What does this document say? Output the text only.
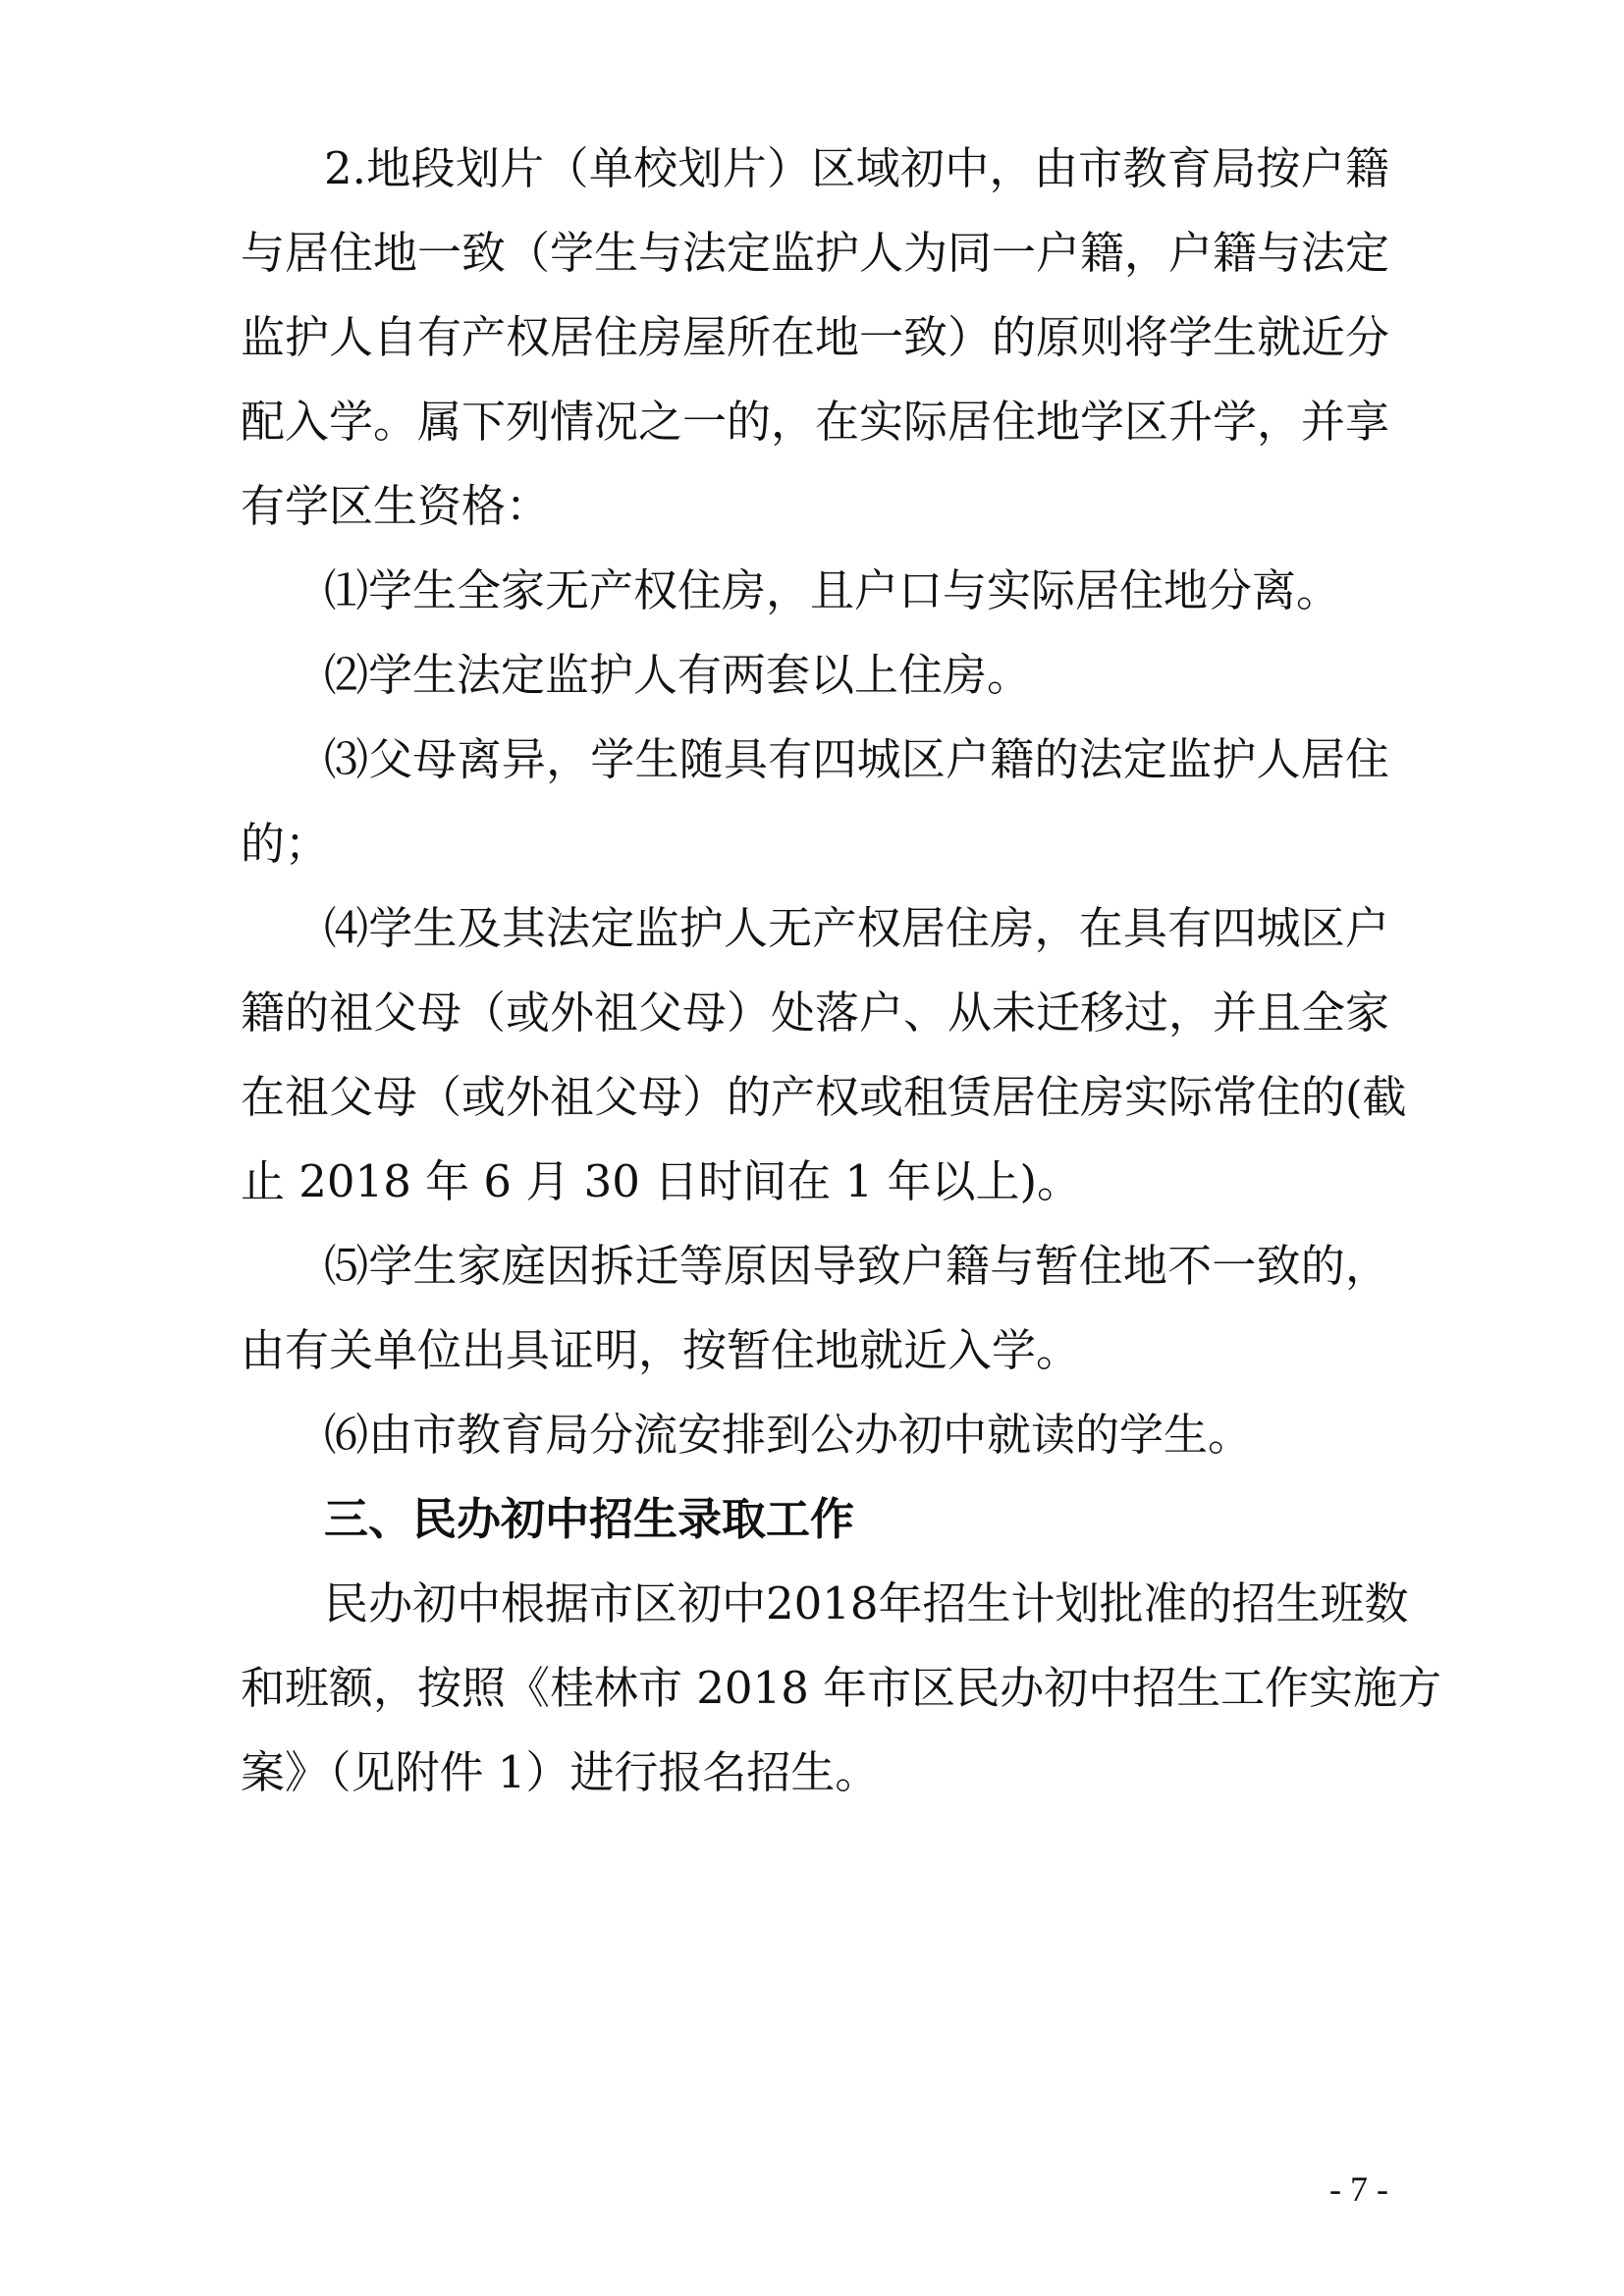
2.地段划片（单校划片）区域初中，由市教育局按户籍
与居住地一致（学生与法定监护人为同一户籍，户籍与法定
监护人自有产权居住房屋所在地一致）的原则将学生就近分
配入学。属下列情况之一的，在实际居住地学区升学，并享
有学区生资格：
⑴学生全家无产权住房，且户口与实际居住地分离。
⑵学生法定监护人有两套以上住房。
⑶父母离异，学生随具有四城区户籍的法定监护人居住
的；
⑷学生及其法定监护人无产权居住房，在具有四城区户
籍的祖父母（或外祖父母）处落户、从未迁移过，并且全家
在祖父母（或外祖父母）的产权或租赁居住房实际常住的(截
止 2018 年 6 月 30 日时间在 1 年以上)。
⑸学生家庭因拆迁等原因导致户籍与暂住地不一致的，
由有关单位出具证明，按暂住地就近入学。
⑹由市教育局分流安排到公办初中就读的学生。
三、民办初中招生录取工作
民办初中根据市区初中2018年招生计划批准的招生班数
和班额，按照《桂林市 2018 年市区民办初中招生工作实施方
案》（见附件 1）进行报名招生。
- 7 -
